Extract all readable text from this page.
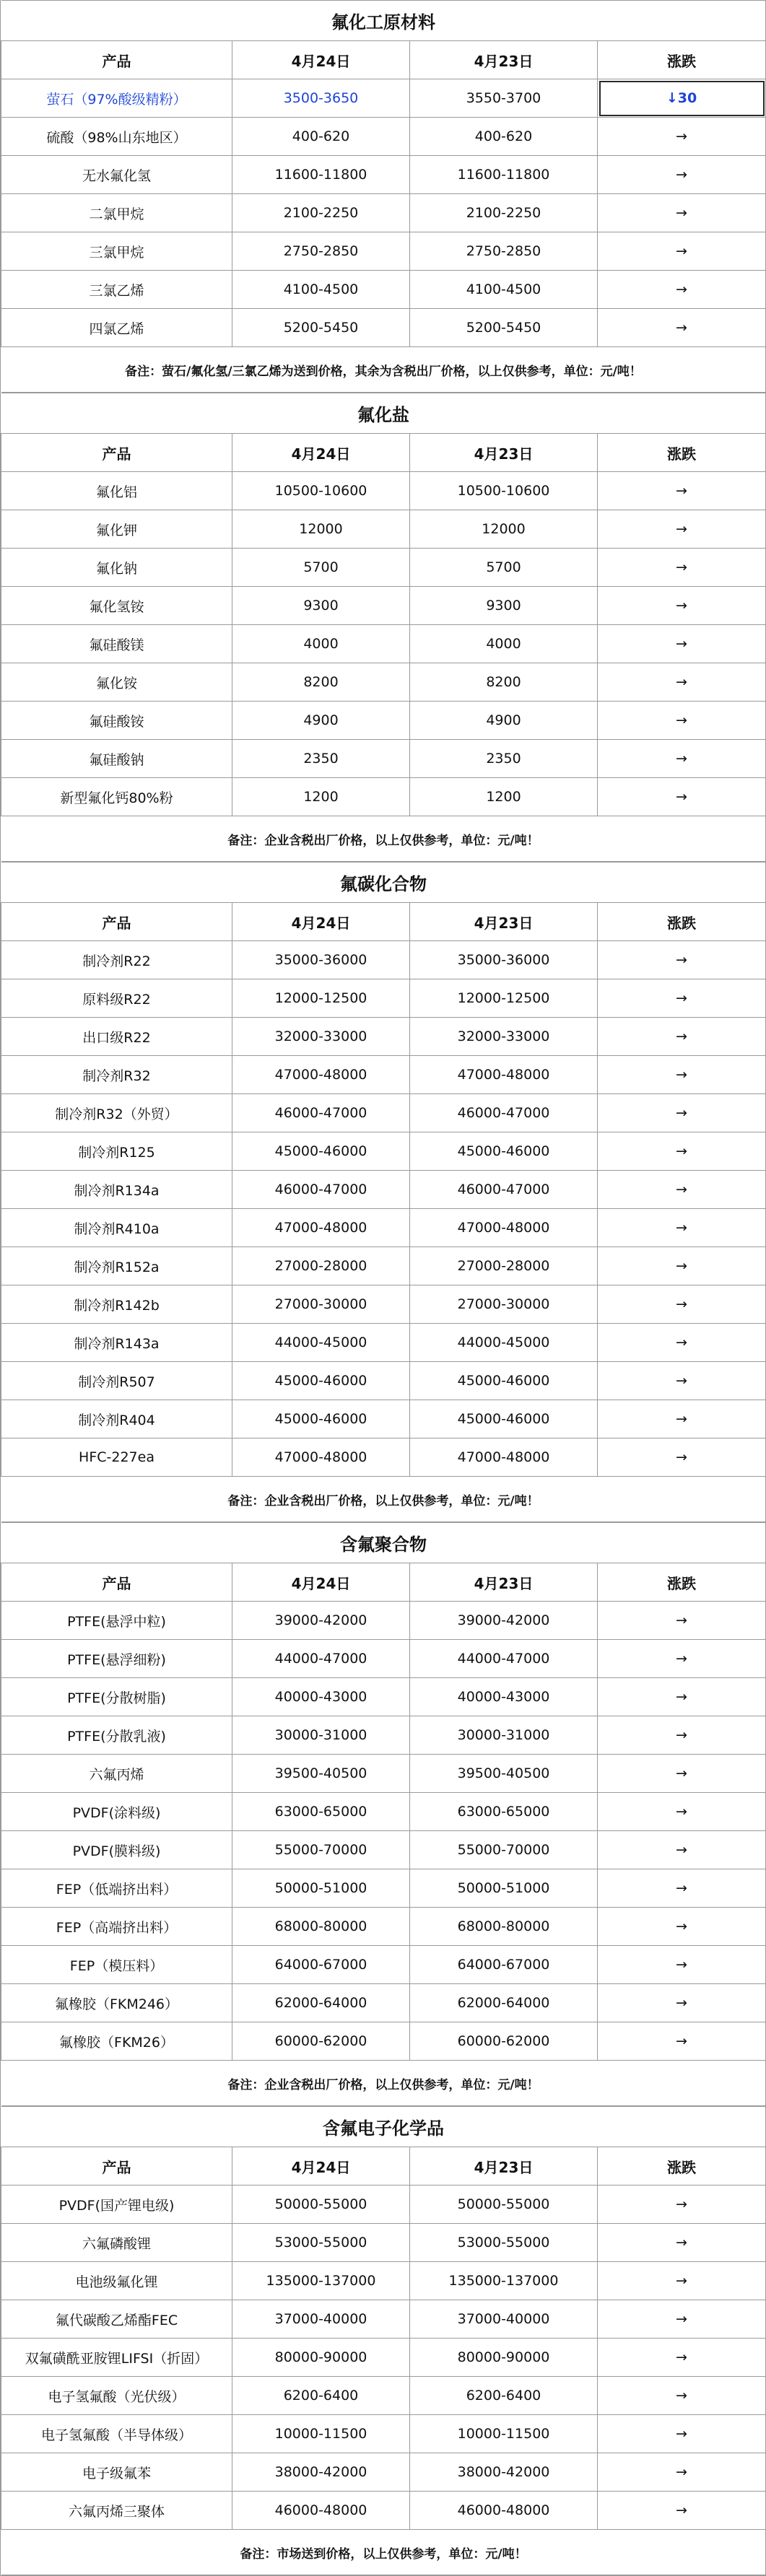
氟化工原材料			
产品	4月24日	4月23日	涨跌
萤石（97%酸级精粉）	3500-3650	3550-3700	↓30
硫酸（98%山东地区）	400-620	400-620	→
无水氟化氢	11600-11800	11600-11800	→
二氯甲烷	2100-2250	2100-2250	→
三氯甲烷	2750-2850	2750-2850	→
三氯乙烯	4100-4500	4100-4500	→
四氯乙烯	5200-5450	5200-5450	→
备注：萤石/氟化氢/三氯乙烯为送到价格，其余为含税出厂价格，以上仅供参考，单位：元/吨！			
氟化盐			
产品	4月24日	4月23日	涨跌
氟化铝	10500-10600	10500-10600	→
氟化钾	12000	12000	→
氟化钠	5700	5700	→
氟化氢铵	9300	9300	→
氟硅酸镁	4000	4000	→
氟化铵	8200	8200	→
氟硅酸铵	4900	4900	→
氟硅酸钠	2350	2350	→
新型氟化钙80%粉	1200	1200	→
备注：企业含税出厂价格，以上仅供参考，单位：元/吨！			
氟碳化合物			
产品	4月24日	4月23日	涨跌
制冷剂R22	35000-36000	35000-36000	→
原料级R22	12000-12500	12000-12500	→
出口级R22	32000-33000	32000-33000	→
制冷剂R32	47000-48000	47000-48000	→
制冷剂R32（外贸）	46000-47000	46000-47000	→
制冷剂R125	45000-46000	45000-46000	→
制冷剂R134a	46000-47000	46000-47000	→
制冷剂R410a	47000-48000	47000-48000	→
制冷剂R152a	27000-28000	27000-28000	→
制冷剂R142b	27000-30000	27000-30000	→
制冷剂R143a	44000-45000	44000-45000	→
制冷剂R507	45000-46000	45000-46000	→
制冷剂R404	45000-46000	45000-46000	→
HFC-227ea	47000-48000	47000-48000	→
备注：企业含税出厂价格，以上仅供参考，单位：元/吨！			
含氟聚合物			
产品	4月24日	4月23日	涨跌
PTFE(悬浮中粒)	39000-42000	39000-42000	→
PTFE(悬浮细粉)	44000-47000	44000-47000	→
PTFE(分散树脂)	40000-43000	40000-43000	→
PTFE(分散乳液)	30000-31000	30000-31000	→
六氟丙烯	39500-40500	39500-40500	→
PVDF(涂料级)	63000-65000	63000-65000	→
PVDF(膜料级)	55000-70000	55000-70000	→
FEP（低端挤出料）	50000-51000	50000-51000	→
FEP（高端挤出料）	68000-80000	68000-80000	→
FEP（模压料）	64000-67000	64000-67000	→
氟橡胶（FKM246）	62000-64000	62000-64000	→
氟橡胶（FKM26）	60000-62000	60000-62000	→
备注：企业含税出厂价格，以上仅供参考，单位：元/吨！			
含氟电子化学品			
产品	4月24日	4月23日	涨跌
PVDF(国产锂电级)	50000-55000	50000-55000	→
六氟磷酸锂	53000-55000	53000-55000	→
电池级氟化锂	135000-137000	135000-137000	→
氟代碳酸乙烯酯FEC	37000-40000	37000-40000	→
双氟磺酰亚胺锂LIFSI（折固）	80000-90000	80000-90000	→
电子氢氟酸（光伏级）	6200-6400	6200-6400	→
电子氢氟酸（半导体级）	10000-11500	10000-11500	→
电子级氟苯	38000-42000	38000-42000	→
六氟丙烯三聚体	46000-48000	46000-48000	→
备注：市场送到价格，以上仅供参考，单位：元/吨！			
